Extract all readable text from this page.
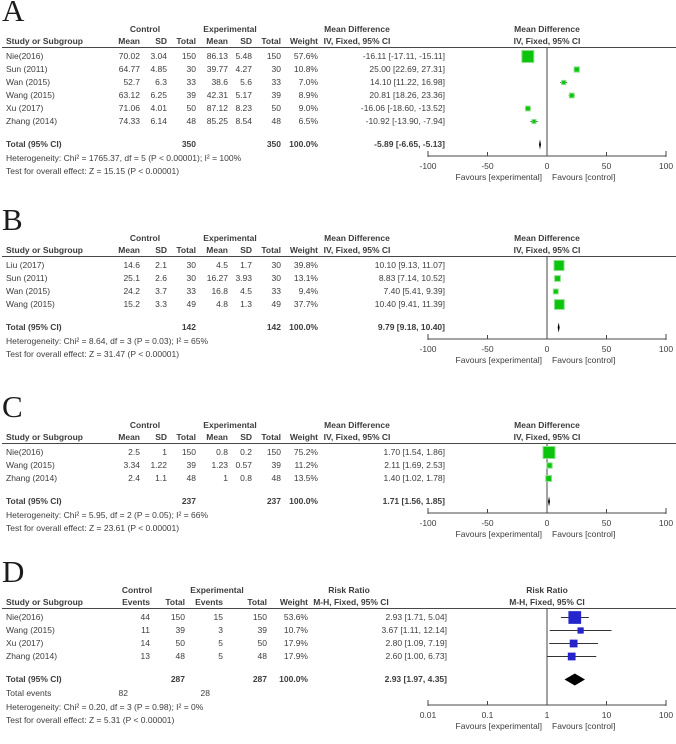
A
Control	Experimental	Mean Difference	Mean Difference
Study or Subgroup	Mean	SD	Total	Mean	SD	Total	Weight IV, Fixed, 95% CI	IV, Fixed, 95% CI
Nie(2016)	70.02	3.04	150	86.13 5.48	150	57.6%	-16.11 [-17.11, -15.11]
Sun (2011)	64.77	4.85	30	39.77 4.27	30	10.8%	25.00 [22.69, 27.31]
Wan (2015)	52.7	6.3	33	38.6	5.6	33	7.0%	14.10 [11.22, 16.98]
Wang (2015)	63.12	6.25	39	42.31 5.17	39	8.9%	20.81 [18.26, 23.36]
Xu (2017)	71.06	4.01	50	87.12 8.23	50	9.0%	-16.06 [-18.60, -13.52]
Zhang (2014)	74.33	6.14	48	85.25 8.54	48	6.5%	-10.92 [-13.90, -7.94]
Total (95% CI)	350	350 100.0%	-5.89 [-6.65, -5.13]
Heterogeneity: Chi² = 1765.37, df = 5 (P < 0.00001); I² = 100%
Test for overall effect: Z = 15.15 (P < 0.00001)	-100	-50	0	50	100
Favours [experimental] Favours [control]
B
Control	Experimental	Mean Difference	Mean Difference
Study or Subgroup	Mean	SD	Total	Mean	SD	Total	Weight IV, Fixed, 95% CI	IV, Fixed, 95% CI
Liu (2017)	14.6	2.1	30	4.5	1.7	30	39.8%	10.10 [9.13, 11.07]
Sun (2011)	25.1	2.6	30	16.27 3.93	30	13.1%	8.83 [7.14, 10.52]
Wan (2015)	24.2	3.7	33	16.8	4.5	33	9.4%	7.40 [5.41, 9.39]
Wang (2015)	15.2	3.3	49	4.8	1.3	49	37.7%	10.40 [9.41, 11.39]
Total (95% CI)	142	142 100.0%	9.79 [9.18, 10.40]
Heterogeneity: Chi² = 8.64, df = 3 (P = 0.03); I² = 65%
Test for overall effect: Z = 31.47 (P < 0.00001)	-100	-50	0	50	100
Favours [experimental] Favours [control]
C
Control	Experimental	Mean Difference	Mean Difference
Study or Subgroup	Mean	SD	Total	Mean	SD	Total	Weight IV, Fixed, 95% CI	IV, Fixed, 95% CI
Nie(2016)	2.5	1	150	0.8	0.2	150	75.2%	1.70 [1.54, 1.86]
Wang (2015)	3.34	1.22	39	1.23 0.57	39	11.2%	2.11 [1.69, 2.53]
Zhang (2014)	2.4	1.1	48	1	0.8	48	13.5%	1.40 [1.02, 1.78]
Total (95% CI)	237	237 100.0%	1.71 [1.56, 1.85]
Heterogeneity: Chi² = 5.95, df = 2 (P = 0.05); I² = 66%
Test for overall effect: Z = 23.61 (P < 0.00001)	-100	-50	0	50	100
Favours [experimental] Favours [control]
D
Control	Experimental	Risk Ratio	Risk Ratio
Study or Subgroup	Events	Total	Events	Total	Weight M-H, Fixed, 95% CI	M-H, Fixed, 95% CI
Nie(2016)	44	150	15	150	53.6%	2.93 [1.71, 5.04]
Wang (2015)	11	39	3	39	10.7%	3.67 [1.11, 12.14]
Xu (2017)	14	50	5	50	17.9%	2.80 [1.09, 7.19]
Zhang (2014)	13	48	5	48	17.9%	2.60 [1.00, 6.73]
Total (95% CI)	287	287	100.0%	2.93 [1.97, 4.35]
Total events	82	28
Heterogeneity: Chi² = 0.20, df = 3 (P = 0.98); I² = 0%
Test for overall effect: Z = 5.31 (P < 0.00001)	0.01	0.1	1	10	100
Favours [experimental] Favours [control]
